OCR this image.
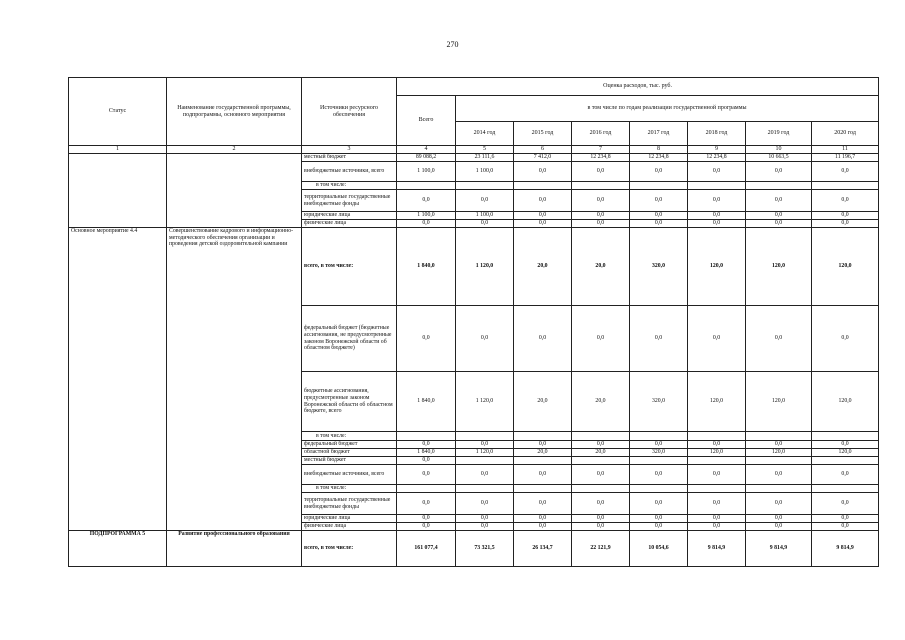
270
Статус	Наименование государственной программы, подпрограммы, основного мероприятия	Источники ресурсного обеспечения	Оценка расходов, тыс. руб.							
			Всего	в том числе по годам реализации государственной программы						
				2014 год	2015 год	2016 год	2017 год	2018 год	2019 год	2020 год
1	2	3	4	5	6	7	8	9	10	11
		местный бюджет	89 088,2	23 111,6	7 412,0	12 234,8	12 234,8	12 234,8	10 663,5	11 196,7
		внебюджетные источники, всего	1 100,0	1 100,0	0,0	0,0	0,0	0,0	0,0	0,0
		в том числе:								
		территориальные государственные внебюджетные фонды	0,0	0,0	0,0	0,0	0,0	0,0	0,0	0,0
		юридические лица	1 100,0	1 100,0	0,0	0,0	0,0	0,0	0,0	0,0
		физические лица	0,0	0,0	0,0	0,0	0,0	0,0	0,0	0,0
Основное мероприятие 4.4	Совершенствование кадрового и информационно-методического обеспечения организации и проведения детской оздоровительной кампании	всего, в том числе:	1 840,0	1 120,0	20,0	20,0	320,0	120,0	120,0	120,0
		федеральный бюджет (бюджетные ассигнования, не предусмотренные законом Воронежской области об областном бюджете)	0,0	0,0	0,0	0,0	0,0	0,0	0,0	0,0
		бюджетные ассигнования, предусмотренные законом Воронежской области об областном бюджете, всего	1 840,0	1 120,0	20,0	20,0	320,0	120,0	120,0	120,0
		в том числе:								
		федеральный бюджет	0,0	0,0	0,0	0,0	0,0	0,0	0,0	0,0
		областной бюджет	1 840,0	1 120,0	20,0	20,0	320,0	120,0	120,0	120,0
		местный бюджет	0,0							
		внебюджетные источники, всего	0,0	0,0	0,0	0,0	0,0	0,0	0,0	0,0
		в том числе:								
		территориальные государственные внебюджетные фонды	0,0	0,0	0,0	0,0	0,0	0,0	0,0	0,0
		юридические лица	0,0	0,0	0,0	0,0	0,0	0,0	0,0	0,0
		физические лица	0,0	0,0	0,0	0,0	0,0	0,0	0,0	0,0
ПОДПРОГРАММА 5	Развитие профессионального образования	всего, в том числе:	161 077,4	73 321,5	26 134,7	22 121,9	10 054,6	9 814,9	9 814,9	9 814,9
